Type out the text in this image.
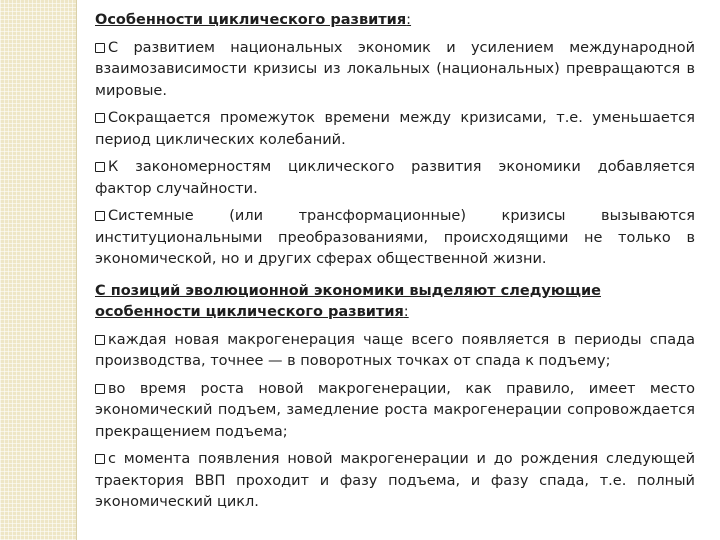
Особенности циклического развития:

С развитием национальных экономик и усилением международной взаимозависимости кризисы из локальных (национальных) превращаются в мировые.

Сокращается промежуток времени между кризисами, т.е. уменьшается период циклических колебаний.

К закономерностям циклического развития экономики добавляется фактор случайности.

Системные (или трансформационные) кризисы вызываются институциональными преобразованиями, происходящими не только в экономической, но и других сферах общественной жизни.

С позиций эволюционной экономики выделяют следующие особенности циклического развития:

каждая новая макрогенерация чаще всего появляется в периоды спада производства, точнее — в поворотных точках от спада к подъему;

во время роста новой макрогенерации, как правило, имеет место экономический подъем, замедление роста макрогенерации сопровождается прекращением подъема;

с момента появления новой макрогенерации и до рождения следующей траектория ВВП проходит и фазу подъема, и фазу спада, т.е. полный экономический цикл.
